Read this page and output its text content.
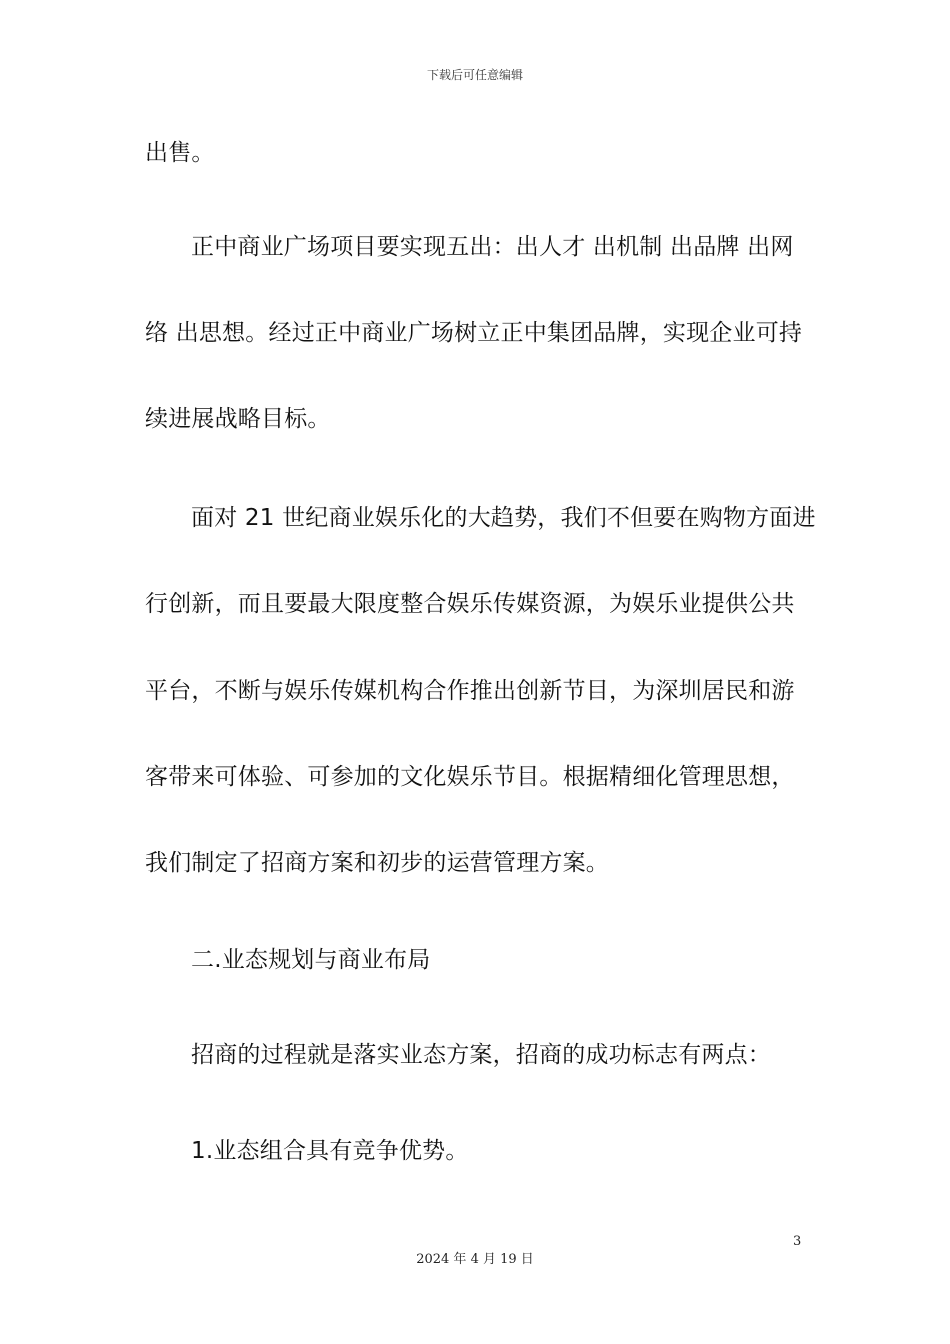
下载后可任意编辑
出售。
正中商业广场项目要实现五出：出人才 出机制 出品牌 出网
络 出思想。经过正中商业广场树立正中集团品牌，实现企业可持
续进展战略目标。
面对 21 世纪商业娱乐化的大趋势，我们不但要在购物方面进
行创新，而且要最大限度整合娱乐传媒资源，为娱乐业提供公共
平台，不断与娱乐传媒机构合作推出创新节目，为深圳居民和游
客带来可体验、可参加的文化娱乐节目。根据精细化管理思想，
我们制定了招商方案和初步的运营管理方案。
二.业态规划与商业布局
招商的过程就是落实业态方案，招商的成功标志有两点：
1.业态组合具有竞争优势。
3
2024 年 4 月 19 日
